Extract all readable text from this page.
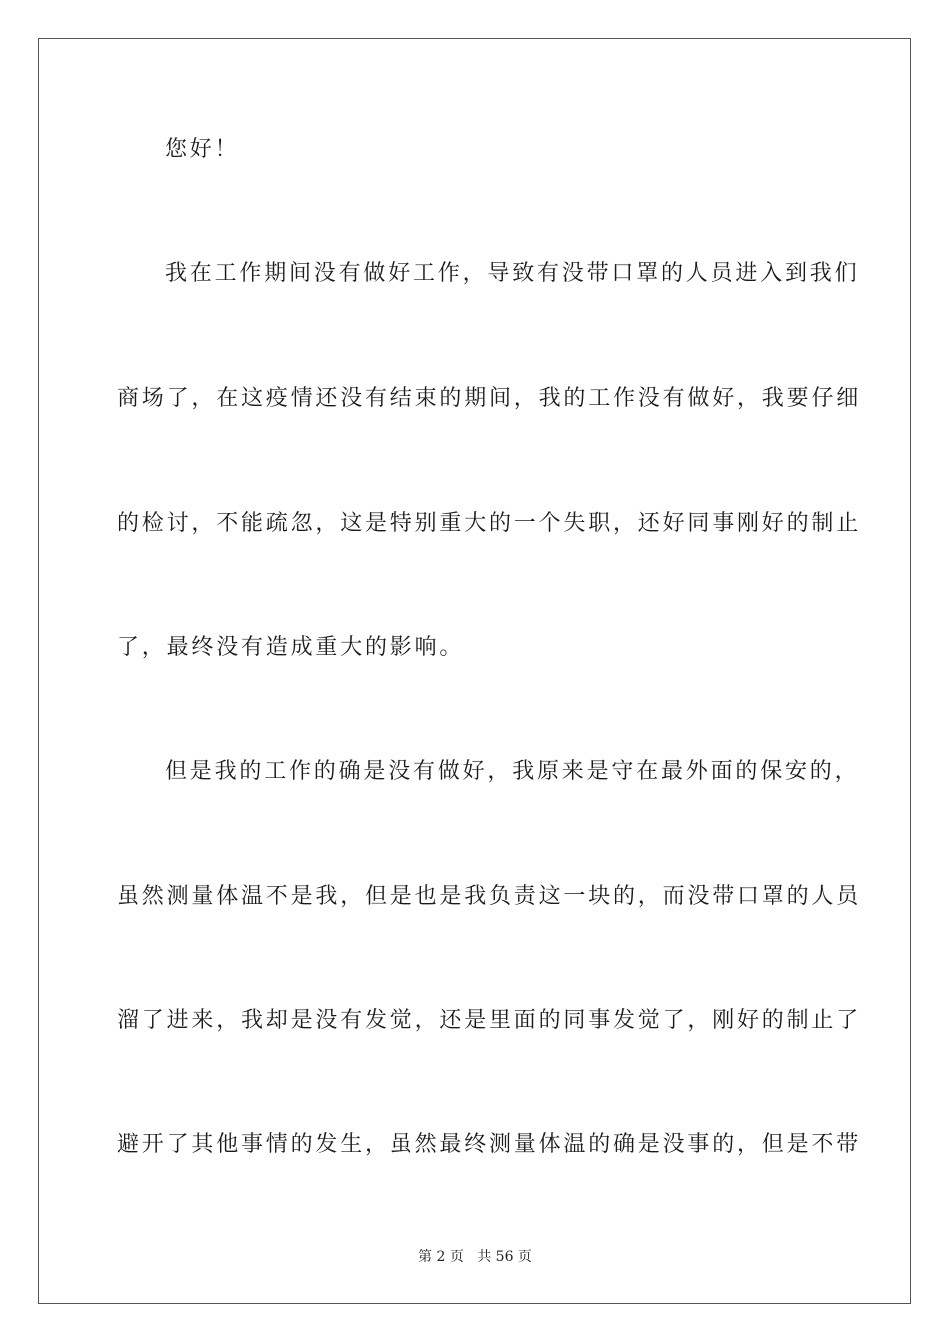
您好！
我在工作期间没有做好工作，导致有没带口罩的人员进入到我们
商场了，在这疫情还没有结束的期间，我的工作没有做好，我要仔细
的检讨，不能疏忽，这是特别重大的一个失职，还好同事刚好的制止
了，最终没有造成重大的影响。
但是我的工作的确是没有做好，我原来是守在最外面的保安的，
虽然测量体温不是我，但是也是我负责这一块的，而没带口罩的人员
溜了进来，我却是没有发觉，还是里面的同事发觉了，刚好的制止了
避开了其他事情的发生，虽然最终测量体温的确是没事的，但是不带
第 2 页 共 56 页
